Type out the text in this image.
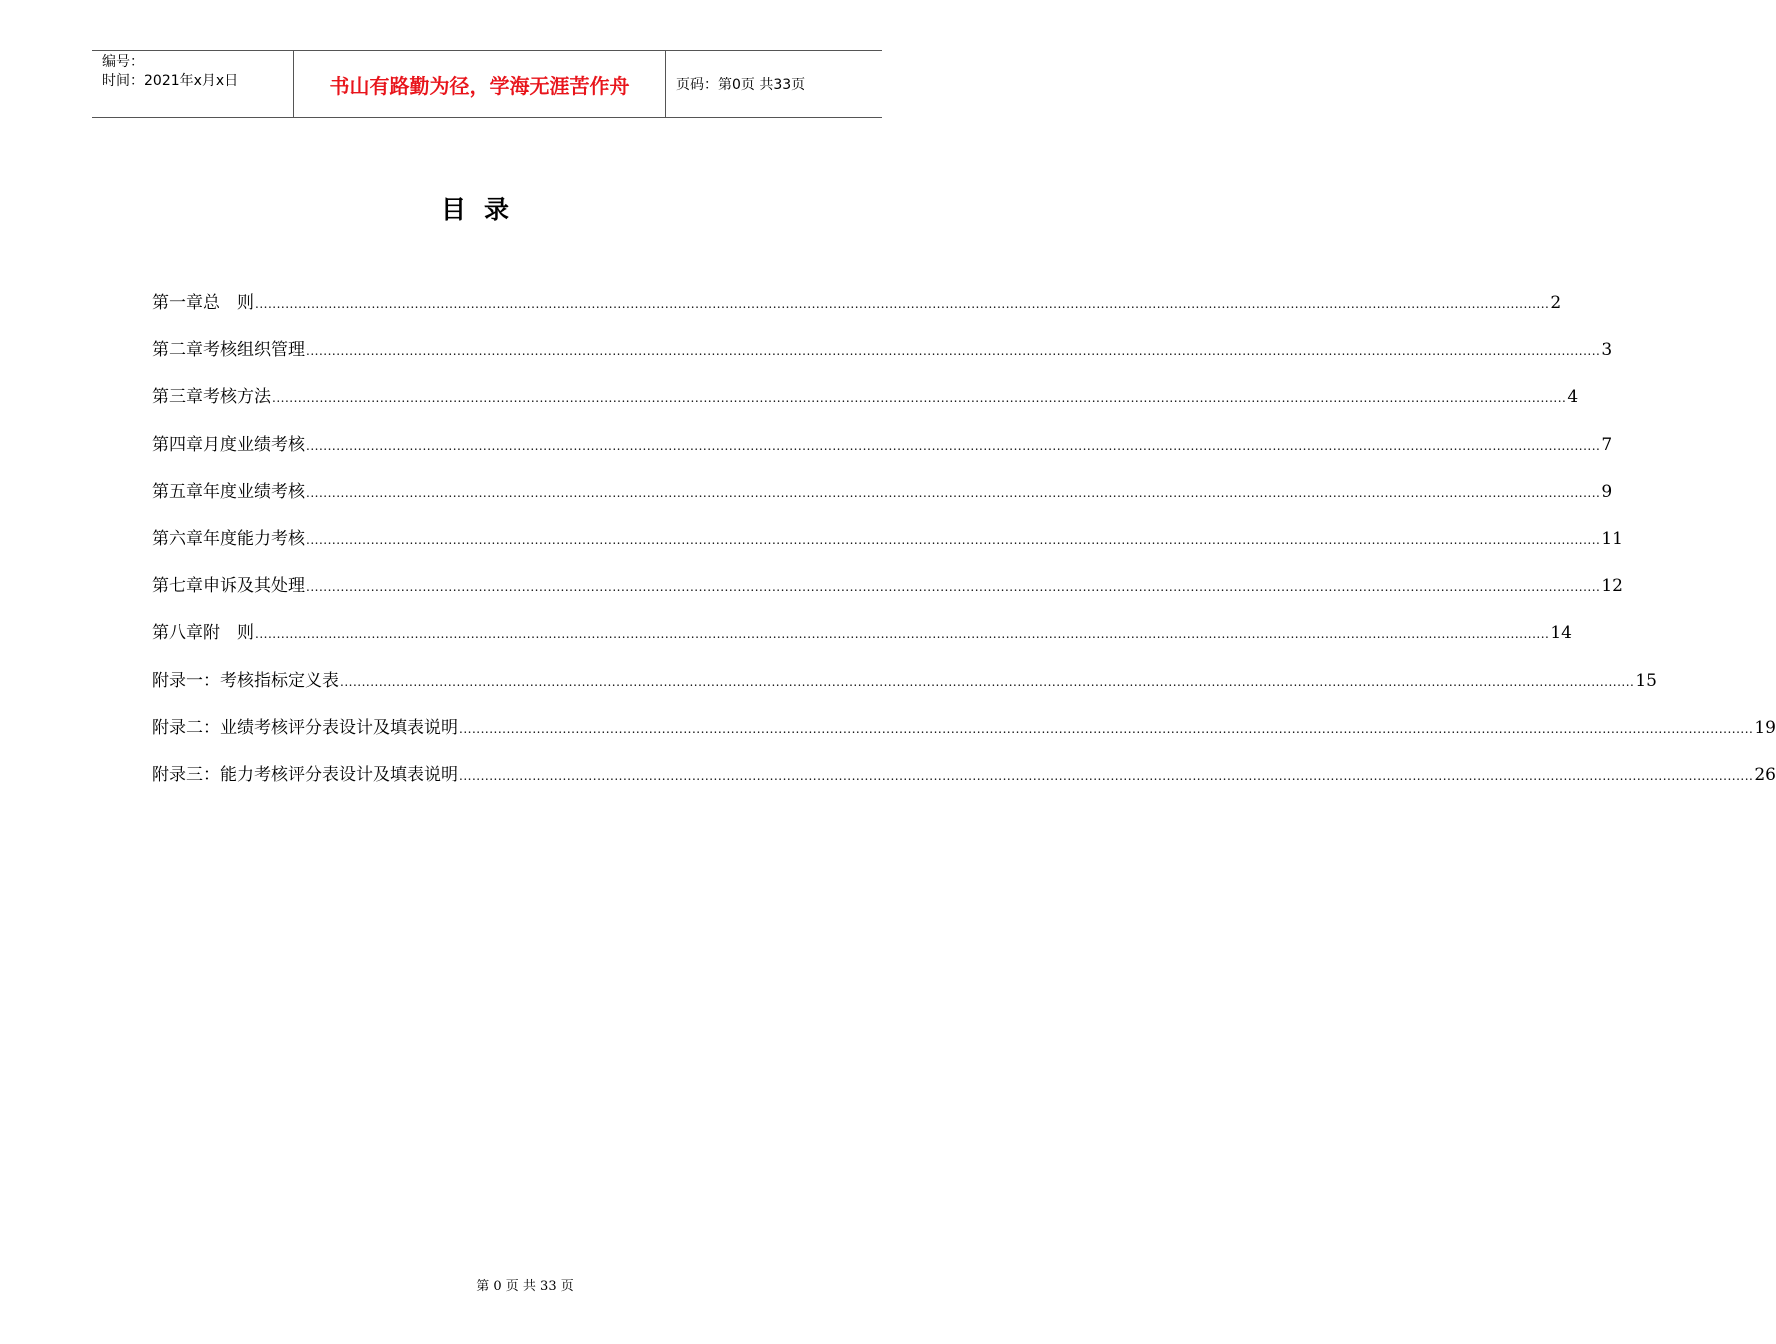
编号：
时间：2021年x月x日	书山有路勤为径，学海无涯苦作舟	页码：第0页 共33页
目录
第一章 总　则 ............................................................................................................................................................................................................................................................................................................ 2
第二章 考核组织管理 ............................................................................................................................................................................................................................................................................................................ 3
第三章 考核方法 ............................................................................................................................................................................................................................................................................................................ 4
第四章 月度业绩考核 ............................................................................................................................................................................................................................................................................................................ 7
第五章 年度业绩考核 ............................................................................................................................................................................................................................................................................................................ 9
第六章 年度能力考核 ............................................................................................................................................................................................................................................................................................................ 11
第七章 申诉及其处理 ............................................................................................................................................................................................................................................................................................................ 12
第八章 附　则 ............................................................................................................................................................................................................................................................................................................ 14
附录一： 考核指标定义表 ............................................................................................................................................................................................................................................................................................................ 15
附录二： 业绩考核评分表设计及填表说明 ............................................................................................................................................................................................................................................................................................................ 19
附录三： 能力考核评分表设计及填表说明 ............................................................................................................................................................................................................................................................................................................ 26
第 0 页 共 33 页
